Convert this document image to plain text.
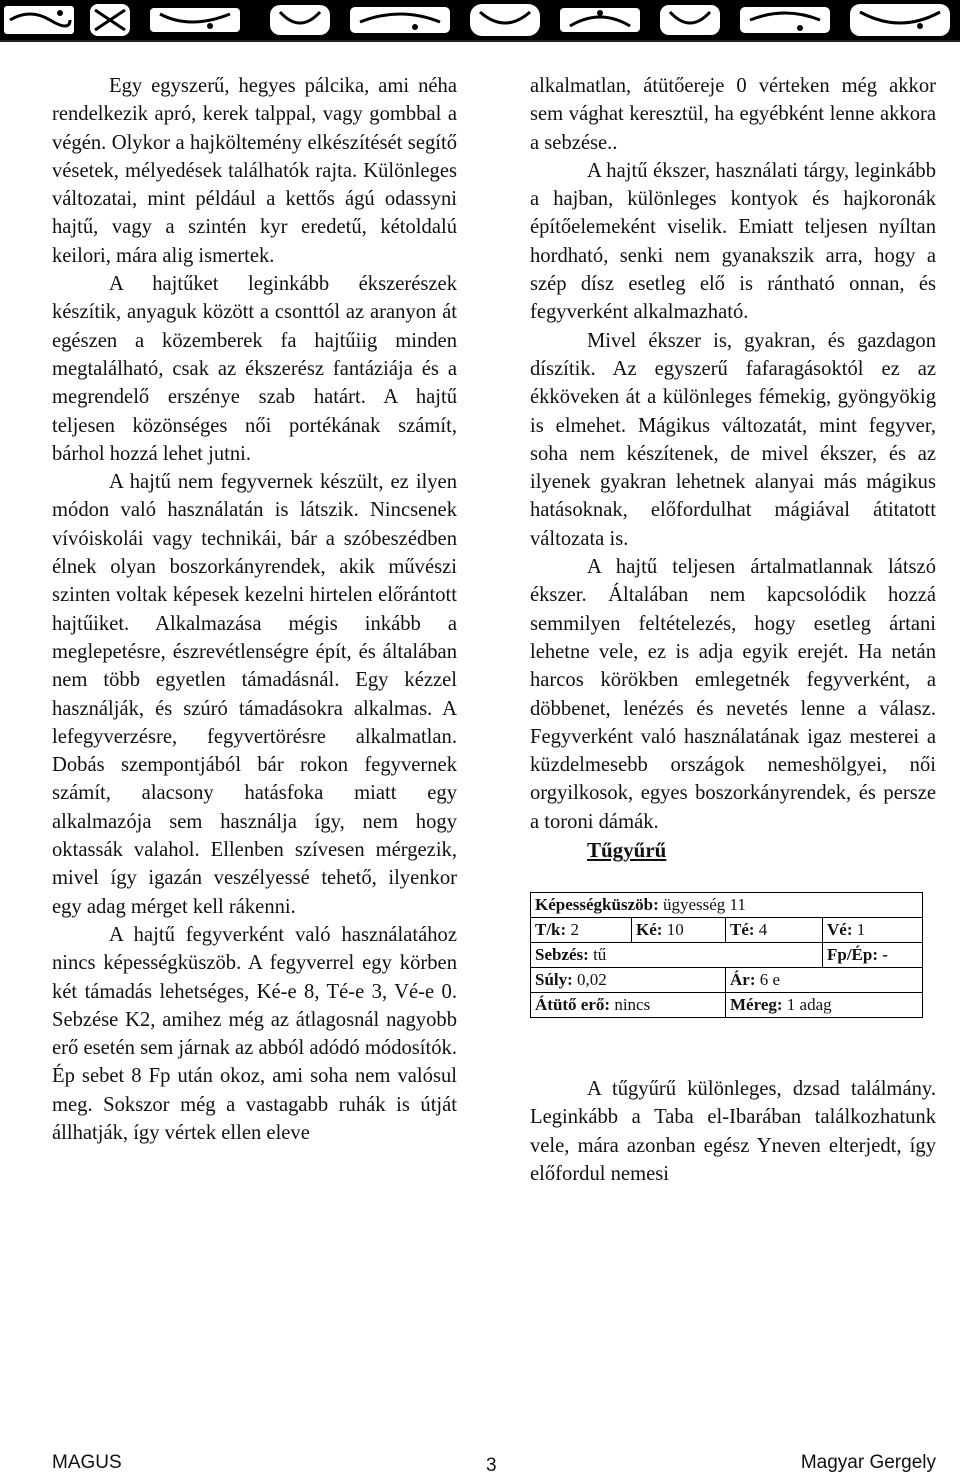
Egy egyszerű, hegyes pálcika, ami néha rendelkezik apró, kerek talppal, vagy gombbal a végén. Olykor a hajköltemény elkészítését segítő vésetek, mélyedések találhatók rajta. Különleges változatai, mint például a kettős ágú odassyni hajtű, vagy a szintén kyr eredetű, kétoldalú keilori, mára alig ismertek.

A hajtűket leginkább ékszerészek készítik, anyaguk között a csonttól az aranyon át egészen a közemberek fa hajtűiig minden megtalálható, csak az ékszerész fantáziája és a megrendelő erszénye szab határt. A hajtű teljesen közönséges női portékának számít, bárhol hozzá lehet jutni.

A hajtű nem fegyvernek készült, ez ilyen módon való használatán is látszik. Nincsenek vívóiskolái vagy technikái, bár a szóbeszédben élnek olyan boszorkányrendek, akik művészi szinten voltak képesek kezelni hirtelen előrántott hajtűiket. Alkalmazása mégis inkább a meglepetésre, észrevétlenségre épít, és általában nem több egyetlen támadásnál. Egy kézzel használják, és szúró támadásokra alkalmas. A lefegyverzésre, fegyvertörésre alkalmatlan. Dobás szempontjából bár rokon fegyvernek számít, alacsony hatásfoka miatt egy alkalmazója sem használja így, nem hogy oktassák valahol. Ellenben szívesen mérgezik, mivel így igazán veszélyessé tehető, ilyenkor egy adag mérget kell rákenni.

A hajtű fegyverként való használatához nincs képességküszöb. A fegyverrel egy körben két támadás lehetséges, Ké-e 8, Té-e 3, Vé-e 0. Sebzése K2, amihez még az átlagosnál nagyobb erő esetén sem járnak az abból adódó módosítók. Ép sebet 8 Fp után okoz, ami soha nem valósul meg. Sokszor még a vastagabb ruhák is útját állhatják, így vértek ellen eleve

alkalmatlan, átütőereje 0 vérteken még akkor sem vághat keresztül, ha egyébként lenne akkora a sebzése..

A hajtű ékszer, használati tárgy, leginkább a hajban, különleges kontyok és hajkoronák építőelemeként viselik. Emiatt teljesen nyíltan hordható, senki nem gyanakszik arra, hogy a szép dísz esetleg elő is rántható onnan, és fegyverként alkalmazható.

Mivel ékszer is, gyakran, és gazdagon díszítik. Az egyszerű fafaragásoktól ez az ékköveken át a különleges fémekig, gyöngyökig is elmehet. Mágikus változatát, mint fegyver, soha nem készítenek, de mivel ékszer, és az ilyenek gyakran lehetnek alanyai más mágikus hatásoknak, előfordulhat mágiával átitatott változata is.

A hajtű teljesen ártalmatlannak látszó ékszer. Általában nem kapcsolódik hozzá semmilyen feltételezés, hogy esetleg ártani lehetne vele, ez is adja egyik erejét. Ha netán harcos körökben emlegetnék fegyverként, a döbbenet, lenézés és nevetés lenne a válasz. Fegyverként való használatának igaz mesterei a küzdelmesebb országok nemeshölgyei, női orgyilkosok, egyes boszorkányrendek, és persze a toroni dámák.

Tűgyűrű

Képességküszöb: ügyesség 11			
T/k: 2	Ké: 10	Té: 4	Vé: 1
Sebzés: tű			Fp/Ép: -
Súly: 0,02		Ár: 6 e	
Átütő erő: nincs		Méreg: 1 adag	

A tűgyűrű különleges, dzsad találmány. Leginkább a Taba el-Ibarában találkozhatunk vele, mára azonban egész Yneven elterjedt, így előfordul nemesi

MAGUS	3	Magyar Gergely
